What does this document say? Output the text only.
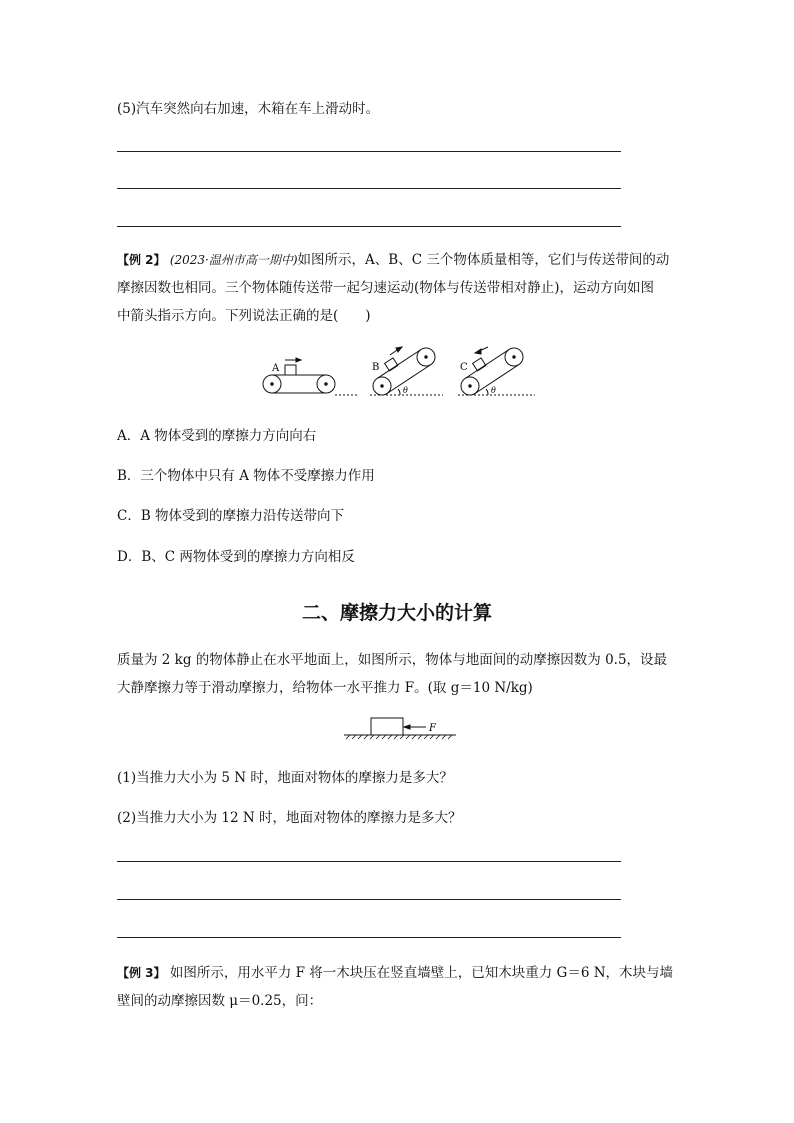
(5)汽车突然向右加速，木箱在车上滑动时。
【例 2】 (2023·温州市高一期中)如图所示，A、B、C 三个物体质量相等，它们与传送带间的动
摩擦因数也相同。三个物体随传送带一起匀速运动(物体与传送带相对静止)，运动方向如图
中箭头指示方向。下列说法正确的是(　　)
A	B
θ
C
θ
A．A 物体受到的摩擦力方向向右
B．三个物体中只有 A 物体不受摩擦力作用
C．B 物体受到的摩擦力沿传送带向下
D．B、C 两物体受到的摩擦力方向相反
二、摩擦力大小的计算
质量为 2 kg 的物体静止在水平地面上，如图所示，物体与地面间的动摩擦因数为 0.5，设最
大静摩擦力等于滑动摩擦力，给物体一水平推力 F。(取 g＝10 N/kg)
F
(1)当推力大小为 5 N 时，地面对物体的摩擦力是多大？
(2)当推力大小为 12 N 时，地面对物体的摩擦力是多大？
【例 3】 如图所示，用水平力 F 将一木块压在竖直墙壁上，已知木块重力 G＝6 N，木块与墙
壁间的动摩擦因数 μ＝0.25，问：
